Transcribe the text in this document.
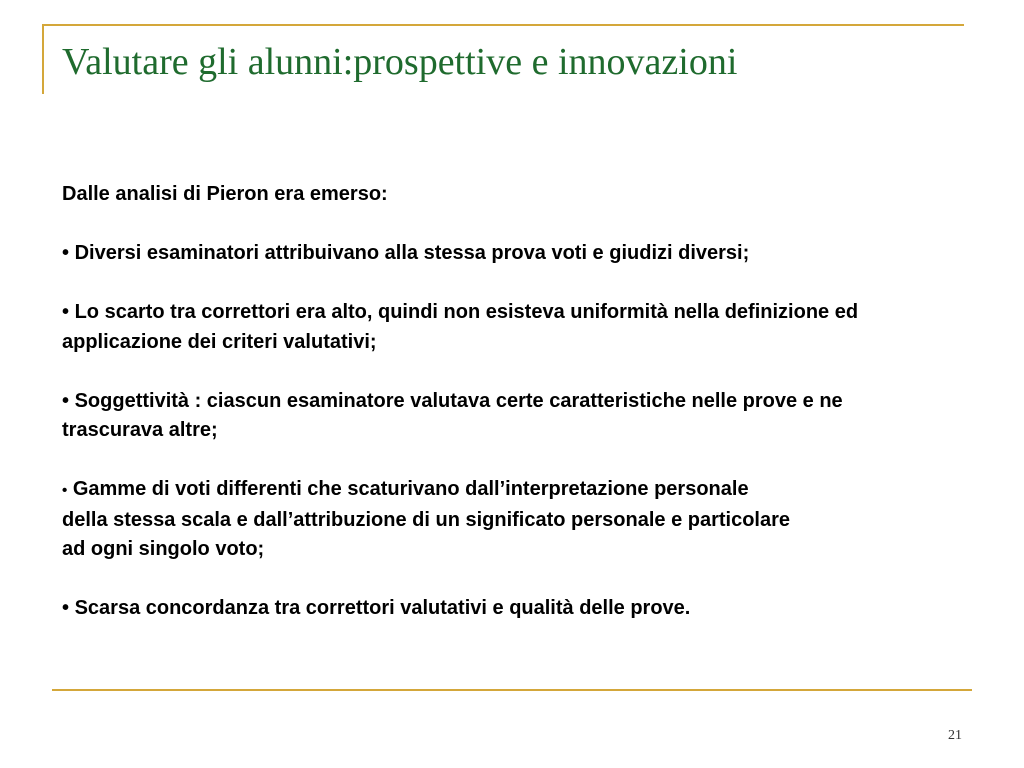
Valutare gli alunni:prospettive e innovazioni

Dalle analisi di Pieron era emerso:

• Diversi esaminatori attribuivano alla stessa prova voti e giudizi diversi;

• Lo scarto tra correttori era alto, quindi non esisteva uniformità nella definizione ed applicazione dei criteri valutativi;

• Soggettività : ciascun esaminatore valutava certe caratteristiche nelle prove e ne trascurava altre;

• Gamme di voti differenti che scaturivano dall’interpretazione personale della stessa scala e dall’attribuzione di un significato personale e particolare ad ogni singolo voto;

• Scarsa concordanza tra correttori valutativi e qualità delle prove.

21
